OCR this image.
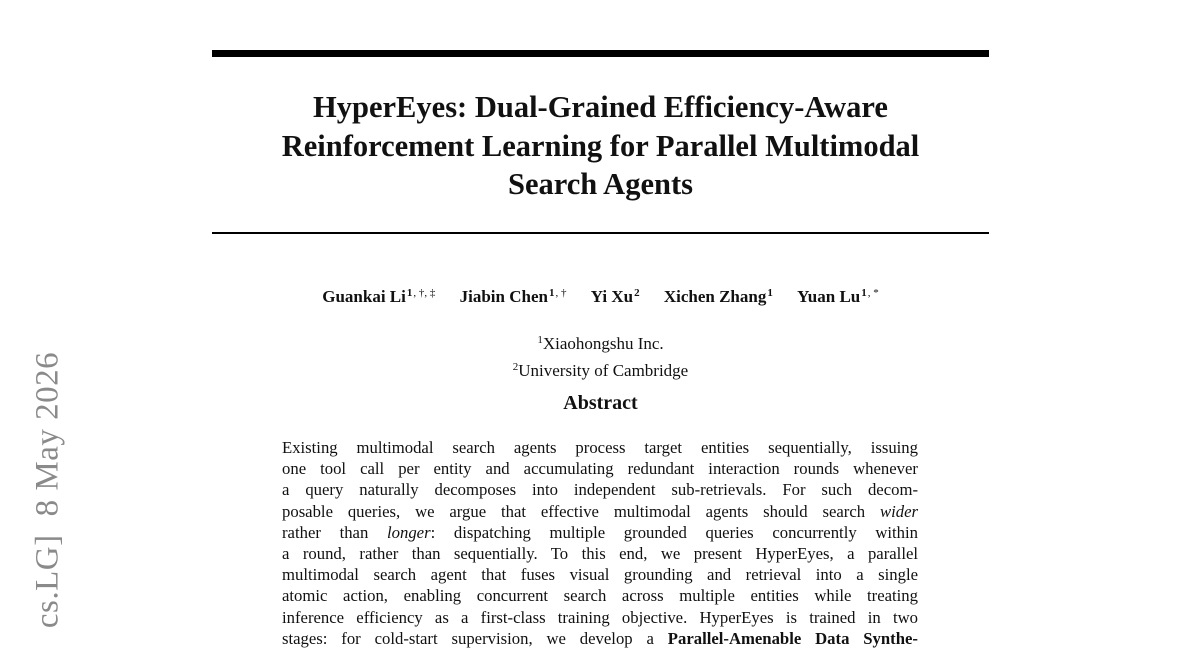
cs.LG]8 May 2026
HyperEyes: Dual-Grained Efficiency-Aware
Reinforcement Learning for Parallel Multimodal
Search Agents
Guankai $Li^{1, \dagger, \ddagger}$ Jiabin Chen$^{1, \dagger}$ Yi Xu$^2$ Xichen Zhang$^1$ Yuan $Lu^{1, *}$
$^1$Xiaohongshu Inc.
$^2$University of Cambridge
Abstract
Existing multimodal search agents process target entities sequentially, issuing
one tool call per entity and accumulating redundant interaction rounds whenever
a query naturally decomposes into independent sub-retrievals. For such decom-
posable queries, we argue that effective multimodal agents should search wider
rather than longer: dispatching multiple grounded queries concurrently within
a round, rather than sequentially. To this end, we present HyperEyes, a parallel
multimodal search agent that fuses visual grounding and retrieval into a single
atomic action, enabling concurrent search across multiple entities while treating
inference efficiency as a first-class training objective. HyperEyes is trained in two
stages: for cold-start supervision, we develop a Parallel-Amenable Data Synthe-
